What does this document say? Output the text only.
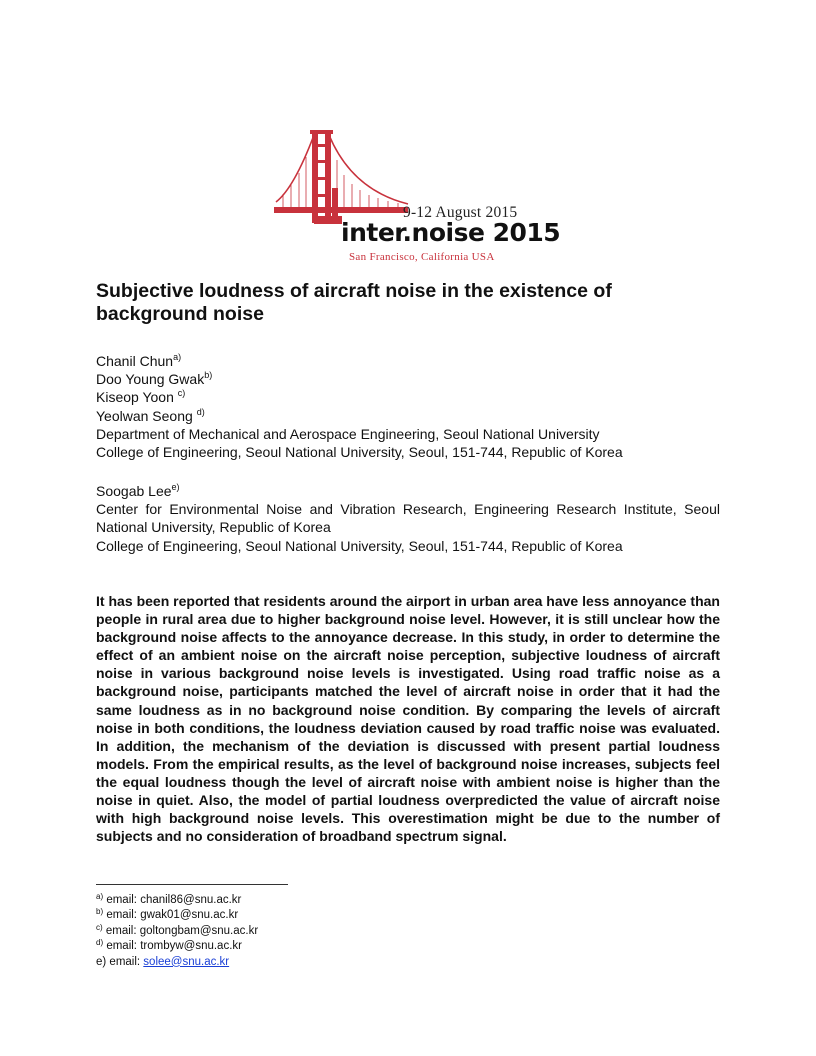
9-12 August 2015
inter.noise 2015
San Francisco, California USA
Subjective loudness of aircraft noise in the existence of background noise
Chanil Chun$^{a)}$
Doo Young Gwak$^{b)}$
Kiseop Yoon $^{c)}$
Yeolwan Seong $^{d)}$
Department of Mechanical and Aerospace Engineering, Seoul National University
College of Engineering, Seoul National University, Seoul, 151-744, Republic of Korea
Soogab Lee$^{e)}$
Center for Environmental Noise and Vibration Research, Engineering Research Institute, Seoul National University, Republic of Korea
College of Engineering, Seoul National University, Seoul, 151-744, Republic of Korea

It has been reported that residents around the airport in urban area have less annoyance than people in rural area due to higher background noise level. However, it is still unclear how the background noise affects to the annoyance decrease. In this study, in order to determine the effect of an ambient noise on the aircraft noise perception, subjective loudness of aircraft noise in various background noise levels is investigated. Using road traffic noise as a background noise, participants matched the level of aircraft noise in order that it had the same loudness as in no background noise condition. By comparing the levels of aircraft noise in both conditions, the loudness deviation caused by road traffic noise was evaluated. In addition, the mechanism of the deviation is discussed with present partial loudness models. From the empirical results, as the level of background noise increases, subjects feel the equal loudness though the level of aircraft noise with ambient noise is higher than the noise in quiet. Also, the model of partial loudness overpredicted the value of aircraft noise with high background noise levels. This overestimation might be due to the number of subjects and no consideration of broadband spectrum signal.

$^{a)}$ email: chanil86@snu.ac.kr
$^{b)}$ email: gwak01@snu.ac.kr
$^{c)}$ email: goltongbam@snu.ac.kr
$^{d)}$ email: trombyw@snu.ac.kr
e) email: solee@snu.ac.kr
